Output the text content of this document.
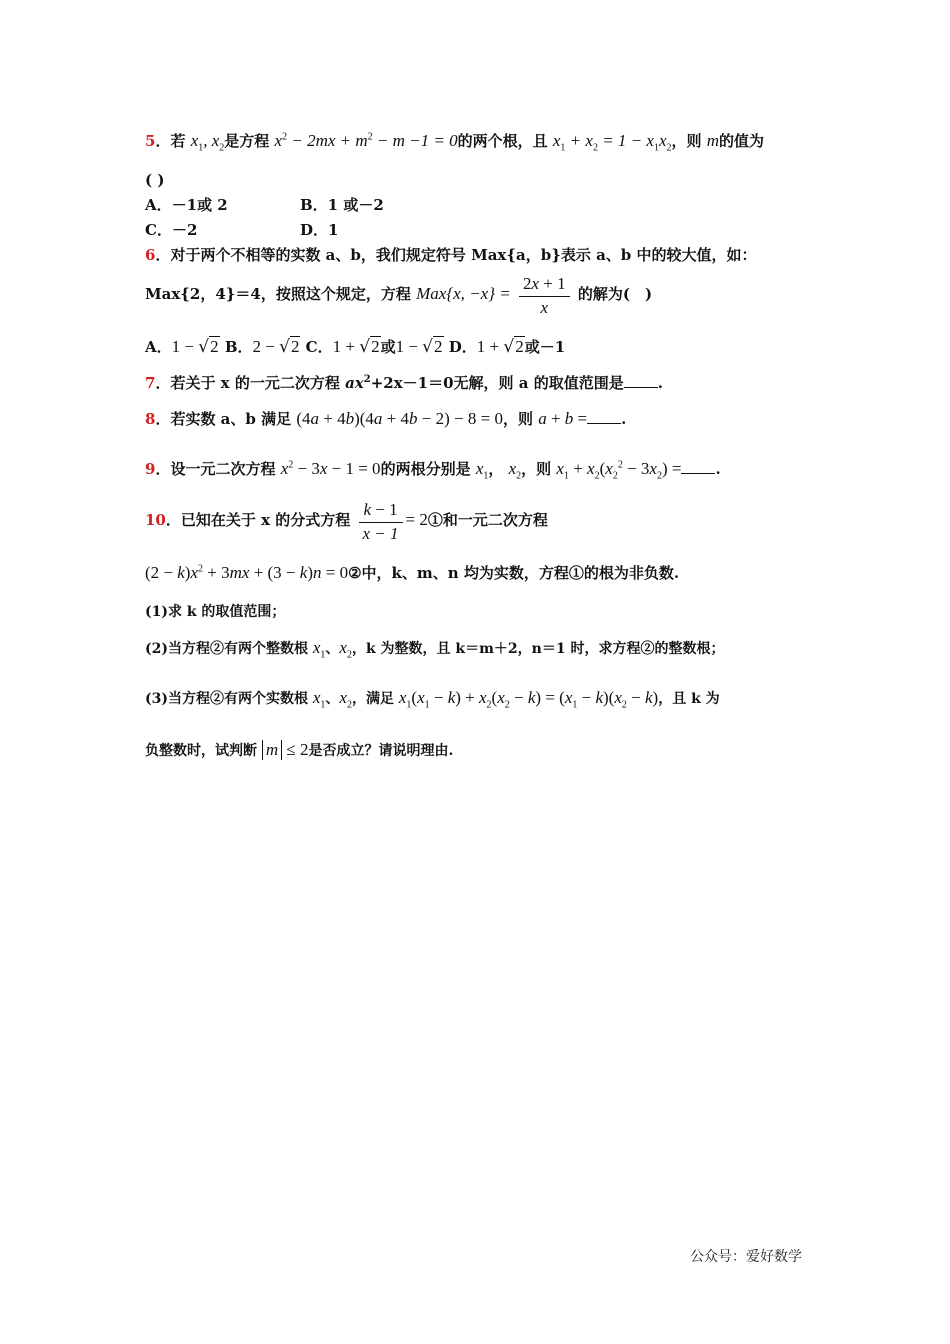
5．若 $x_1$, $x_2$是方程 $x^2 - 2mx + m^2 - m -1 = 0$的两个根，且 $x_1 + x_2 = 1 - x_1x_2$，则 m的值为
( )
A．－1或 2	B．1 或－2
C．－2	D．1
6．对于两个不相等的实数 a、b，我们规定符号 Max{a，b}表示 a、b 中的较大值，如：
Max{2，4}＝4，按照这个规定，方程 Max{x, $-x\} = \frac{2x + 1}{x}$ 的解为(　)
A．1 − √2 B．2 − √2 C．1 + √2或1 − √2 D．1 + √2或－1
7．若关于 x 的一元二次方程 $ax^2+2x-1=0$无解，则 a 的取值范围是 .
8．若实数 a、b 满足 (4a + 4b)(4a + 4b − 2) − 8 = 0，则 a + b = .
9．设一元二次方程 $x^2 - 3x - 1 = 0$的两根分别是 $x_1$， $x_2$，则 $x_1 + x_2(x_2^2 - 3x_2)$ = .
10．已知在关于 x 的分式方程 $\frac{k - 1}{x - 1}$ = 2①和一元二次方程
$(2 - k)x^2 + 3mx + (3 - k)n$ = 0②中，k、m、n 均为实数，方程①的根为非负数.
(1)求 k 的取值范围；
(2)当方程②有两个整数根 $x_1$、$x_2$，k 为整数，且 k＝m＋2，n＝1 时，求方程②的整数根；
(3)当方程②有两个实数根 $x_1$、$x_2$，满足 $x_1(x_1 - k) + x_2(x_2 - k) = (x_1 - k)(x_2 - k)$，且 k 为
负整数时，试判断 m ≤ 2是否成立？请说明理由.
公众号：爱好数学
